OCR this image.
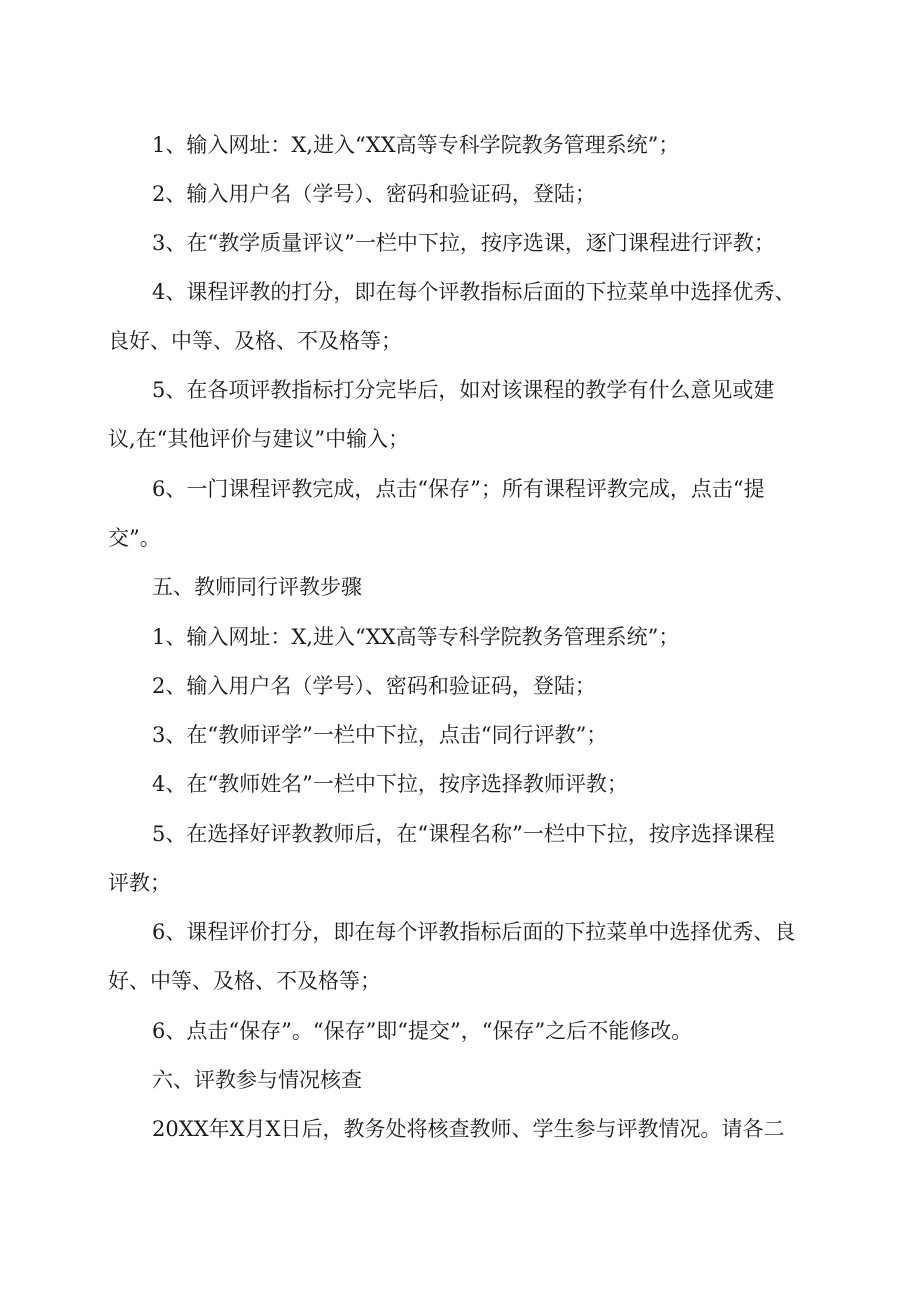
1、输入网址：X,进入“XX高等专科学院教务管理系统”；
2、输入用户名（学号）、密码和验证码，登陆；
3、在“教学质量评议”一栏中下拉，按序选课，逐门课程进行评教；
4、课程评教的打分，即在每个评教指标后面的下拉菜单中选择优秀、
良好、中等、及格、不及格等；
5、在各项评教指标打分完毕后，如对该课程的教学有什么意见或建
议,在“其他评价与建议”中输入；
6、一门课程评教完成，点击“保存”；所有课程评教完成，点击“提
交”。
五、教师同行评教步骤
1、输入网址：X,进入“XX高等专科学院教务管理系统”；
2、输入用户名（学号）、密码和验证码，登陆；
3、在“教师评学”一栏中下拉，点击“同行评教”；
4、在“教师姓名”一栏中下拉，按序选择教师评教；
5、在选择好评教教师后，在“课程名称”一栏中下拉，按序选择课程
评教；
6、课程评价打分，即在每个评教指标后面的下拉菜单中选择优秀、良
好、中等、及格、不及格等；
6、点击“保存”。“保存”即“提交”，“保存”之后不能修改。
六、评教参与情况核查
20XX年X月X日后，教务处将核查教师、学生参与评教情况。请各二
